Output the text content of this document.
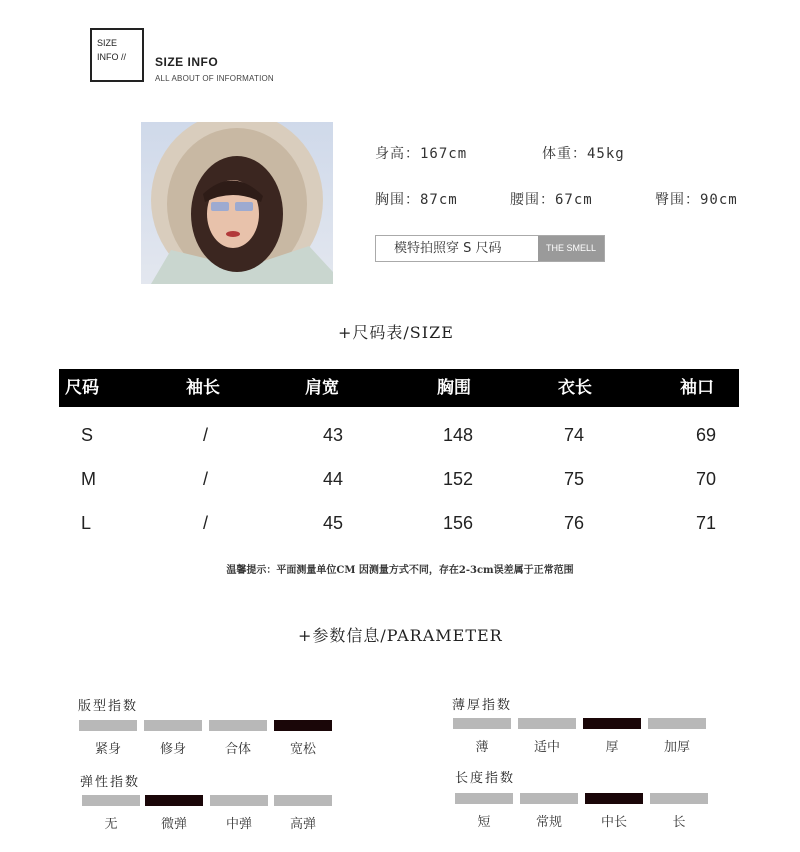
SIZE
INFO //	SIZE INFO
ALL ABOUT OF INFORMATION
身高：167cm	体重：45kg
胸围：87cm	腰围：67cm	臀围：90cm
模特拍照穿 S 尺码	THE SMELL
+尺码表/SIZE
尺码	袖长	肩宽	胸围	衣长	袖口
S	/	43	148	74	69
M	/	44	152	75	70
L	/	45	156	76	71
温馨提示：平面测量单位CM 因测量方式不同，存在2-3cm误差属于正常范围
+参数信息/PARAMETER
版型指数
紧身	修身	合体	宽松
弹性指数
无	微弹	中弹	高弹
薄厚指数
薄	适中	厚	加厚
长度指数
短	常规	中长	长
